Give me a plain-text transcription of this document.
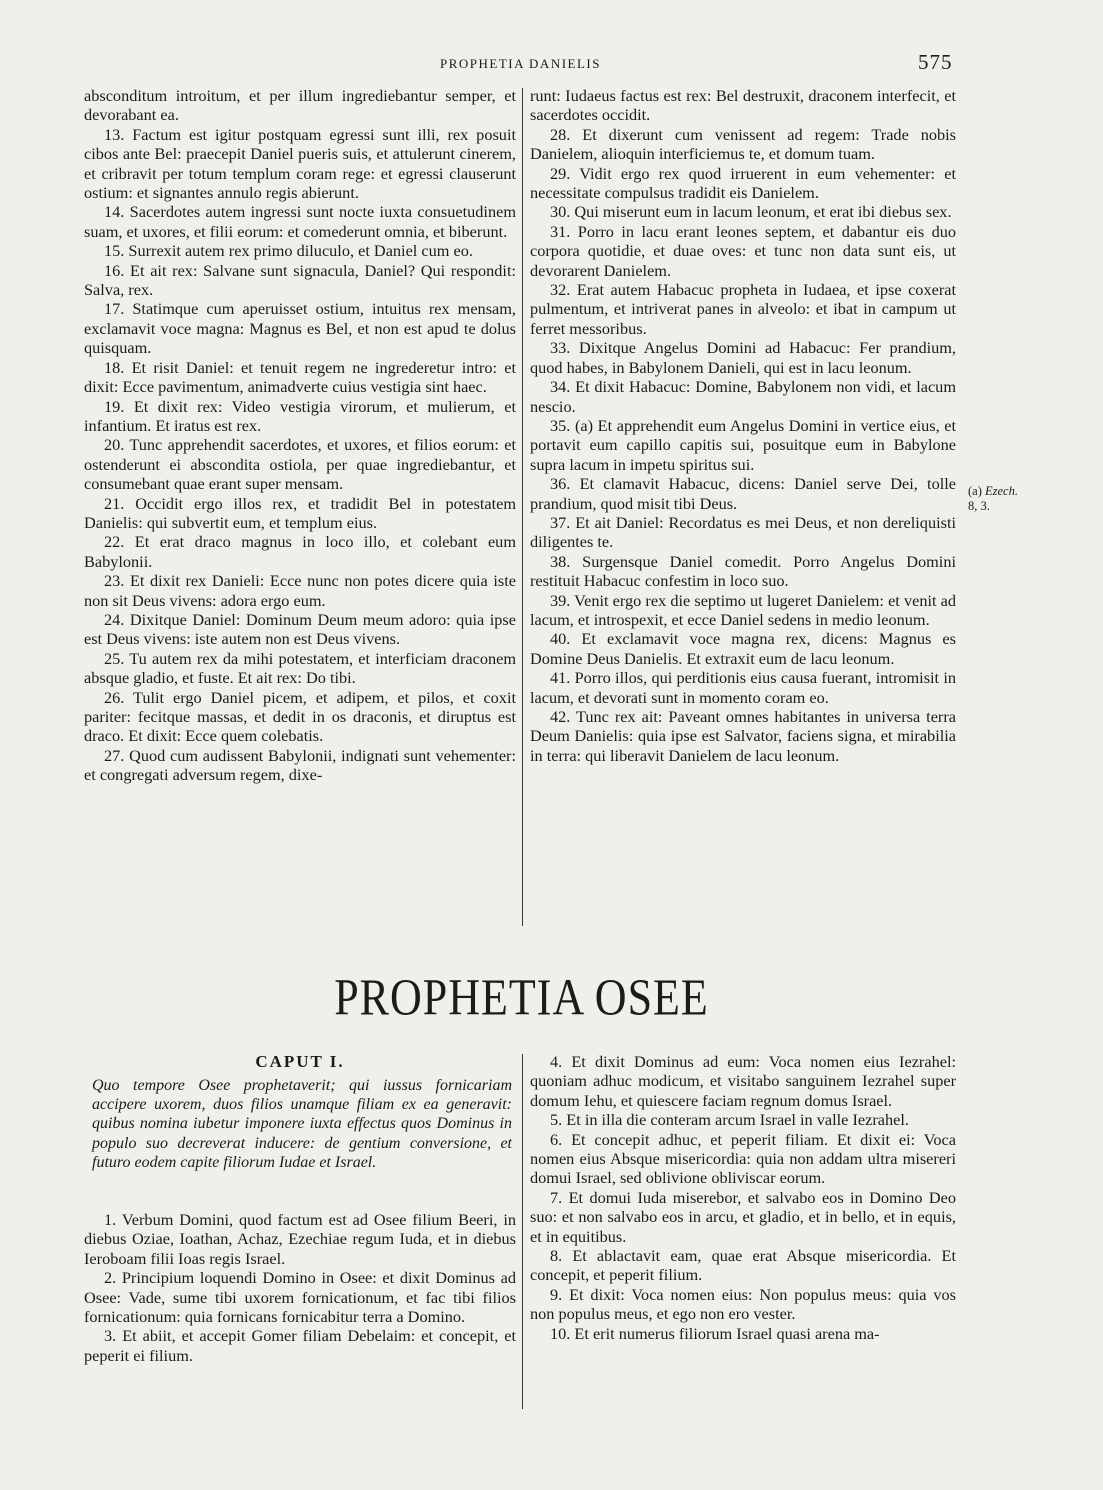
PROPHETIA DANIELIS	575

absconditum introitum, et per illum ingrediebantur semper, et devorabant ea.

13. Factum est igitur postquam egressi sunt illi, rex posuit cibos ante Bel: praecepit Daniel pueris suis, et attulerunt cinerem, et cribravit per totum templum coram rege: et egressi clauserunt ostium: et signantes annulo regis abierunt.

14. Sacerdotes autem ingressi sunt nocte iuxta consuetudinem suam, et uxores, et filii eorum: et comederunt omnia, et biberunt.

15. Surrexit autem rex primo diluculo, et Daniel cum eo.

16. Et ait rex: Salvane sunt signacula, Daniel? Qui respondit: Salva, rex.

17. Statimque cum aperuisset ostium, intuitus rex mensam, exclamavit voce magna: Magnus es Bel, et non est apud te dolus quisquam.

18. Et risit Daniel: et tenuit regem ne ingrederetur intro: et dixit: Ecce pavimentum, animadverte cuius vestigia sint haec.

19. Et dixit rex: Video vestigia virorum, et mulierum, et infantium. Et iratus est rex.

20. Tunc apprehendit sacerdotes, et uxores, et filios eorum: et ostenderunt ei abscondita ostiola, per quae ingrediebantur, et consumebant quae erant super mensam.

21. Occidit ergo illos rex, et tradidit Bel in potestatem Danielis: qui subvertit eum, et templum eius.

22. Et erat draco magnus in loco illo, et colebant eum Babylonii.

23. Et dixit rex Danieli: Ecce nunc non potes dicere quia iste non sit Deus vivens: adora ergo eum.

24. Dixitque Daniel: Dominum Deum meum adoro: quia ipse est Deus vivens: iste autem non est Deus vivens.

25. Tu autem rex da mihi potestatem, et interficiam draconem absque gladio, et fuste. Et ait rex: Do tibi.

26. Tulit ergo Daniel picem, et adipem, et pilos, et coxit pariter: fecitque massas, et dedit in os draconis, et diruptus est draco. Et dixit: Ecce quem colebatis.

27. Quod cum audissent Babylonii, indignati sunt vehementer: et congregati adversum regem, dixe-

runt: Iudaeus factus est rex: Bel destruxit, draconem interfecit, et sacerdotes occidit.

28. Et dixerunt cum venissent ad regem: Trade nobis Danielem, alioquin interficiemus te, et domum tuam.

29. Vidit ergo rex quod irruerent in eum vehementer: et necessitate compulsus tradidit eis Danielem.

30. Qui miserunt eum in lacum leonum, et erat ibi diebus sex.

31. Porro in lacu erant leones septem, et dabantur eis duo corpora quotidie, et duae oves: et tunc non data sunt eis, ut devorarent Danielem.

32. Erat autem Habacuc propheta in Iudaea, et ipse coxerat pulmentum, et intriverat panes in alveolo: et ibat in campum ut ferret messoribus.

33. Dixitque Angelus Domini ad Habacuc: Fer prandium, quod habes, in Babylonem Danieli, qui est in lacu leonum.

34. Et dixit Habacuc: Domine, Babylonem non vidi, et lacum nescio.

35. (a) Et apprehendit eum Angelus Domini in vertice eius, et portavit eum capillo capitis sui, posuitque eum in Babylone supra lacum in impetu spiritus sui.

36. Et clamavit Habacuc, dicens: Daniel serve Dei, tolle prandium, quod misit tibi Deus.

37. Et ait Daniel: Recordatus es mei Deus, et non dereliquisti diligentes te.

38. Surgensque Daniel comedit. Porro Angelus Domini restituit Habacuc confestim in loco suo.

39. Venit ergo rex die septimo ut lugeret Danielem: et venit ad lacum, et introspexit, et ecce Daniel sedens in medio leonum.

40. Et exclamavit voce magna rex, dicens: Magnus es Domine Deus Danielis. Et extraxit eum de lacu leonum.

41. Porro illos, qui perditionis eius causa fuerant, intromisit in lacum, et devorati sunt in momento coram eo.

42. Tunc rex ait: Paveant omnes habitantes in universa terra Deum Danielis: quia ipse est Salvator, faciens signa, et mirabilia in terra: qui liberavit Danielem de lacu leonum.

(a) Ezech.
8, 3.
PROPHETIA OSEE
CAPUT I.
Quo tempore Osee prophetaverit; qui iussus fornicariam accipere uxorem, duos filios unamque filiam ex ea generavit: quibus nomina iubetur imponere iuxta effectus quos Dominus in populo suo decreverat inducere: de gentium conversione, et futuro eodem capite filiorum Iudae et Israel.

1. Verbum Domini, quod factum est ad Osee filium Beeri, in diebus Oziae, Ioathan, Achaz, Ezechiae regum Iuda, et in diebus Ieroboam filii Ioas regis Israel.

2. Principium loquendi Domino in Osee: et dixit Dominus ad Osee: Vade, sume tibi uxorem fornicationum, et fac tibi filios fornicationum: quia fornicans fornicabitur terra a Domino.

3. Et abiit, et accepit Gomer filiam Debelaim: et concepit, et peperit ei filium.

4. Et dixit Dominus ad eum: Voca nomen eius Iezrahel: quoniam adhuc modicum, et visitabo sanguinem Iezrahel super domum Iehu, et quiescere faciam regnum domus Israel.

5. Et in illa die conteram arcum Israel in valle Iezrahel.

6. Et concepit adhuc, et peperit filiam. Et dixit ei: Voca nomen eius Absque misericordia: quia non addam ultra misereri domui Israel, sed oblivione obliviscar eorum.

7. Et domui Iuda miserebor, et salvabo eos in Domino Deo suo: et non salvabo eos in arcu, et gladio, et in bello, et in equis, et in equitibus.

8. Et ablactavit eam, quae erat Absque misericordia. Et concepit, et peperit filium.

9. Et dixit: Voca nomen eius: Non populus meus: quia vos non populus meus, et ego non ero vester.

10. Et erit numerus filiorum Israel quasi arena ma-
